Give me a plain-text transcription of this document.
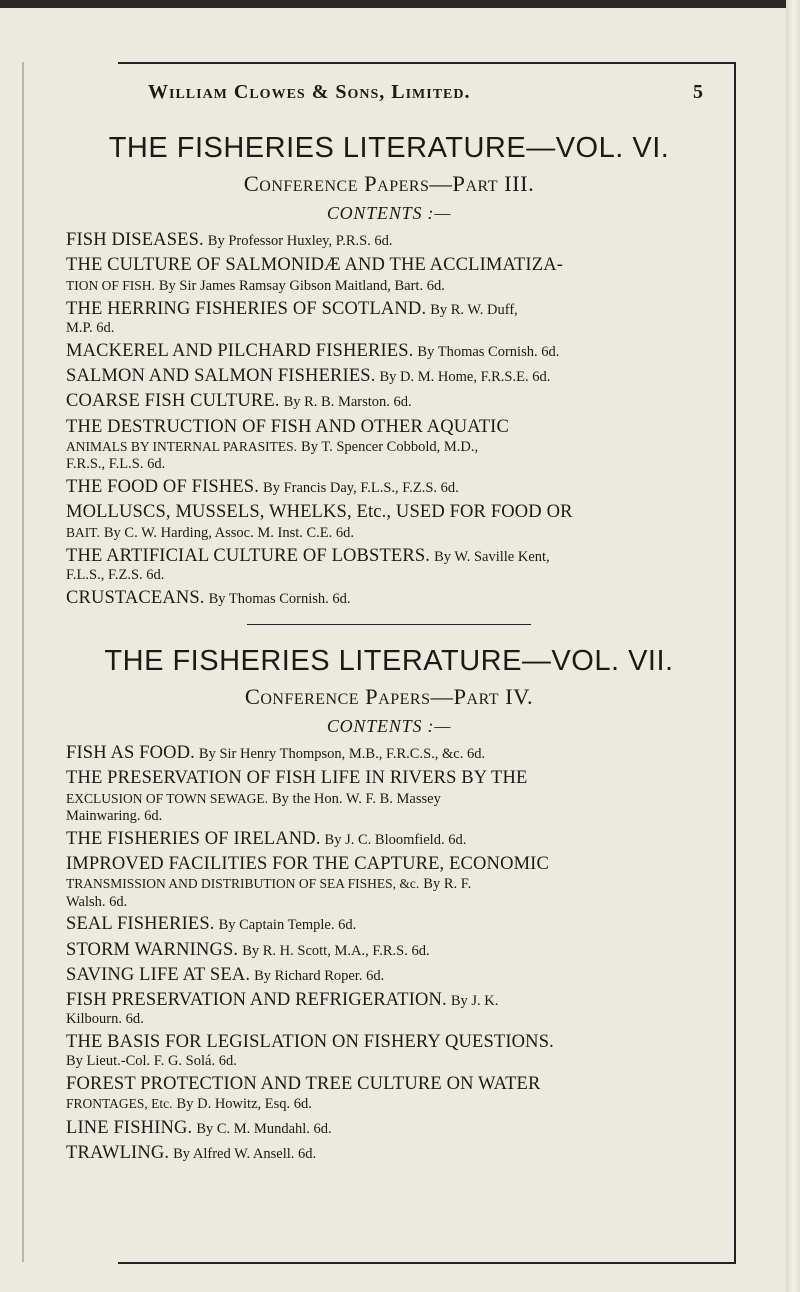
William Clowes & Sons, Limited.	5
THE FISHERIES LITERATURE—VOL. VI.
Conference Papers—Part III.
CONTENTS :—
FISH DISEASES. By Professor Huxley, P.R.S. 6d.
THE CULTURE OF SALMONIDÆ AND THE ACCLIMATIZA-
TION OF FISH. By Sir James Ramsay Gibson Maitland, Bart. 6d.
THE HERRING FISHERIES OF SCOTLAND. By R. W. Duff,
M.P. 6d.
MACKEREL AND PILCHARD FISHERIES. By Thomas Cornish. 6d.
SALMON AND SALMON FISHERIES. By D. M. Home, F.R.S.E. 6d.
COARSE FISH CULTURE. By R. B. Marston. 6d.
THE DESTRUCTION OF FISH AND OTHER AQUATIC
ANIMALS BY INTERNAL PARASITES. By T. Spencer Cobbold, M.D.,
F.R.S., F.L.S. 6d.
THE FOOD OF FISHES. By Francis Day, F.L.S., F.Z.S. 6d.
MOLLUSCS, MUSSELS, WHELKS, Etc., USED FOR FOOD OR
BAIT. By C. W. Harding, Assoc. M. Inst. C.E. 6d.
THE ARTIFICIAL CULTURE OF LOBSTERS. By W. Saville Kent,
F.L.S., F.Z.S. 6d.
CRUSTACEANS. By Thomas Cornish. 6d.
THE FISHERIES LITERATURE—VOL. VII.
Conference Papers—Part IV.
CONTENTS :—
FISH AS FOOD. By Sir Henry Thompson, M.B., F.R.C.S., &c. 6d.
THE PRESERVATION OF FISH LIFE IN RIVERS BY THE
EXCLUSION OF TOWN SEWAGE. By the Hon. W. F. B. Massey
Mainwaring. 6d.
THE FISHERIES OF IRELAND. By J. C. Bloomfield. 6d.
IMPROVED FACILITIES FOR THE CAPTURE, ECONOMIC
TRANSMISSION AND DISTRIBUTION OF SEA FISHES, &c. By R. F.
Walsh. 6d.
SEAL FISHERIES. By Captain Temple. 6d.
STORM WARNINGS. By R. H. Scott, M.A., F.R.S. 6d.
SAVING LIFE AT SEA. By Richard Roper. 6d.
FISH PRESERVATION AND REFRIGERATION. By J. K.
Kilbourn. 6d.
THE BASIS FOR LEGISLATION ON FISHERY QUESTIONS.
By Lieut.-Col. F. G. Solá. 6d.
FOREST PROTECTION AND TREE CULTURE ON WATER
FRONTAGES, Etc. By D. Howitz, Esq. 6d.
LINE FISHING. By C. M. Mundahl. 6d.
TRAWLING. By Alfred W. Ansell. 6d.
